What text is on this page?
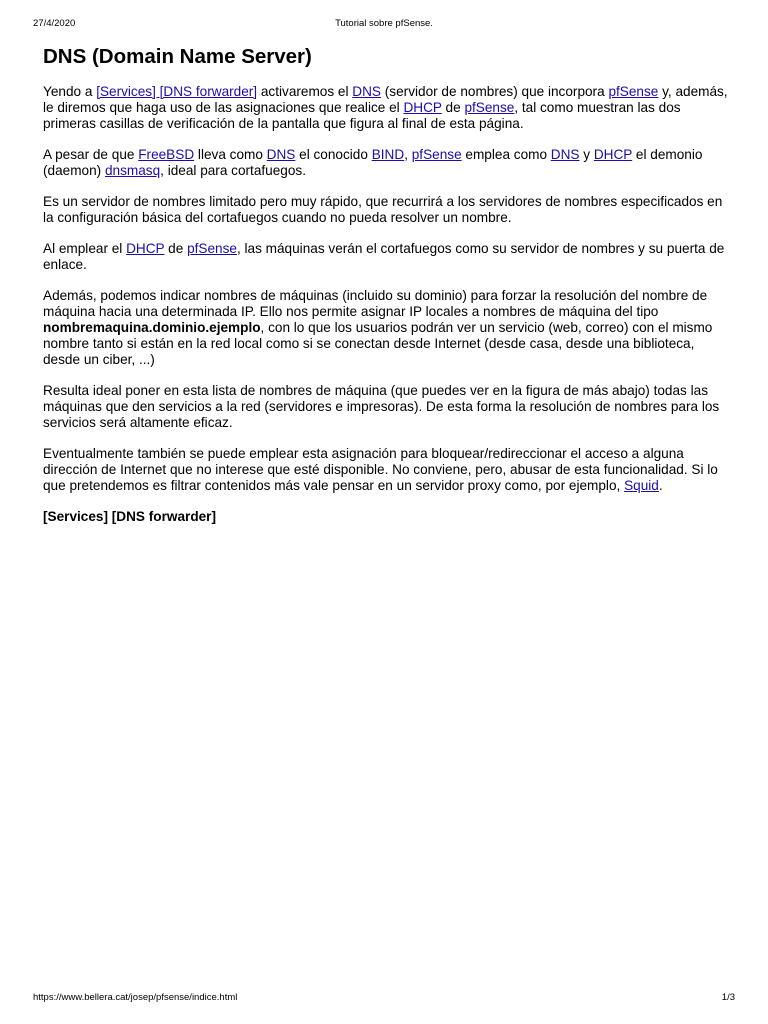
27/4/2020	Tutorial sobre pfSense.
DNS (Domain Name Server)

Yendo a [Services] [DNS forwarder] activaremos el DNS (servidor de nombres) que incorpora pfSense y, además, le diremos que haga uso de las asignaciones que realice el DHCP de pfSense, tal como muestran las dos primeras casillas de verificación de la pantalla que figura al final de esta página.

A pesar de que FreeBSD lleva como DNS el conocido BIND, pfSense emplea como DNS y DHCP el demonio (daemon) dnsmasq, ideal para cortafuegos.

Es un servidor de nombres limitado pero muy rápido, que recurrirá a los servidores de nombres especificados en la configuración básica del cortafuegos cuando no pueda resolver un nombre.

Al emplear el DHCP de pfSense, las máquinas verán el cortafuegos como su servidor de nombres y su puerta de enlace.

Además, podemos indicar nombres de máquinas (incluido su dominio) para forzar la resolución del nombre de máquina hacia una determinada IP. Ello nos permite asignar IP locales a nombres de máquina del tipo nombremaquina.dominio.ejemplo, con lo que los usuarios podrán ver un servicio (web, correo) con el mismo nombre tanto si están en la red local como si se conectan desde Internet (desde casa, desde una biblioteca, desde un ciber, ...)

Resulta ideal poner en esta lista de nombres de máquina (que puedes ver en la figura de más abajo) todas las máquinas que den servicios a la red (servidores e impresoras). De esta forma la resolución de nombres para los servicios será altamente eficaz.

Eventualmente también se puede emplear esta asignación para bloquear/redireccionar el acceso a alguna dirección de Internet que no interese que esté disponible. No conviene, pero, abusar de esta funcionalidad. Si lo que pretendemos es filtrar contenidos más vale pensar en un servidor proxy como, por ejemplo, Squid.

[Services] [DNS forwarder]

https://www.bellera.cat/josep/pfsense/indice.html	1/3
